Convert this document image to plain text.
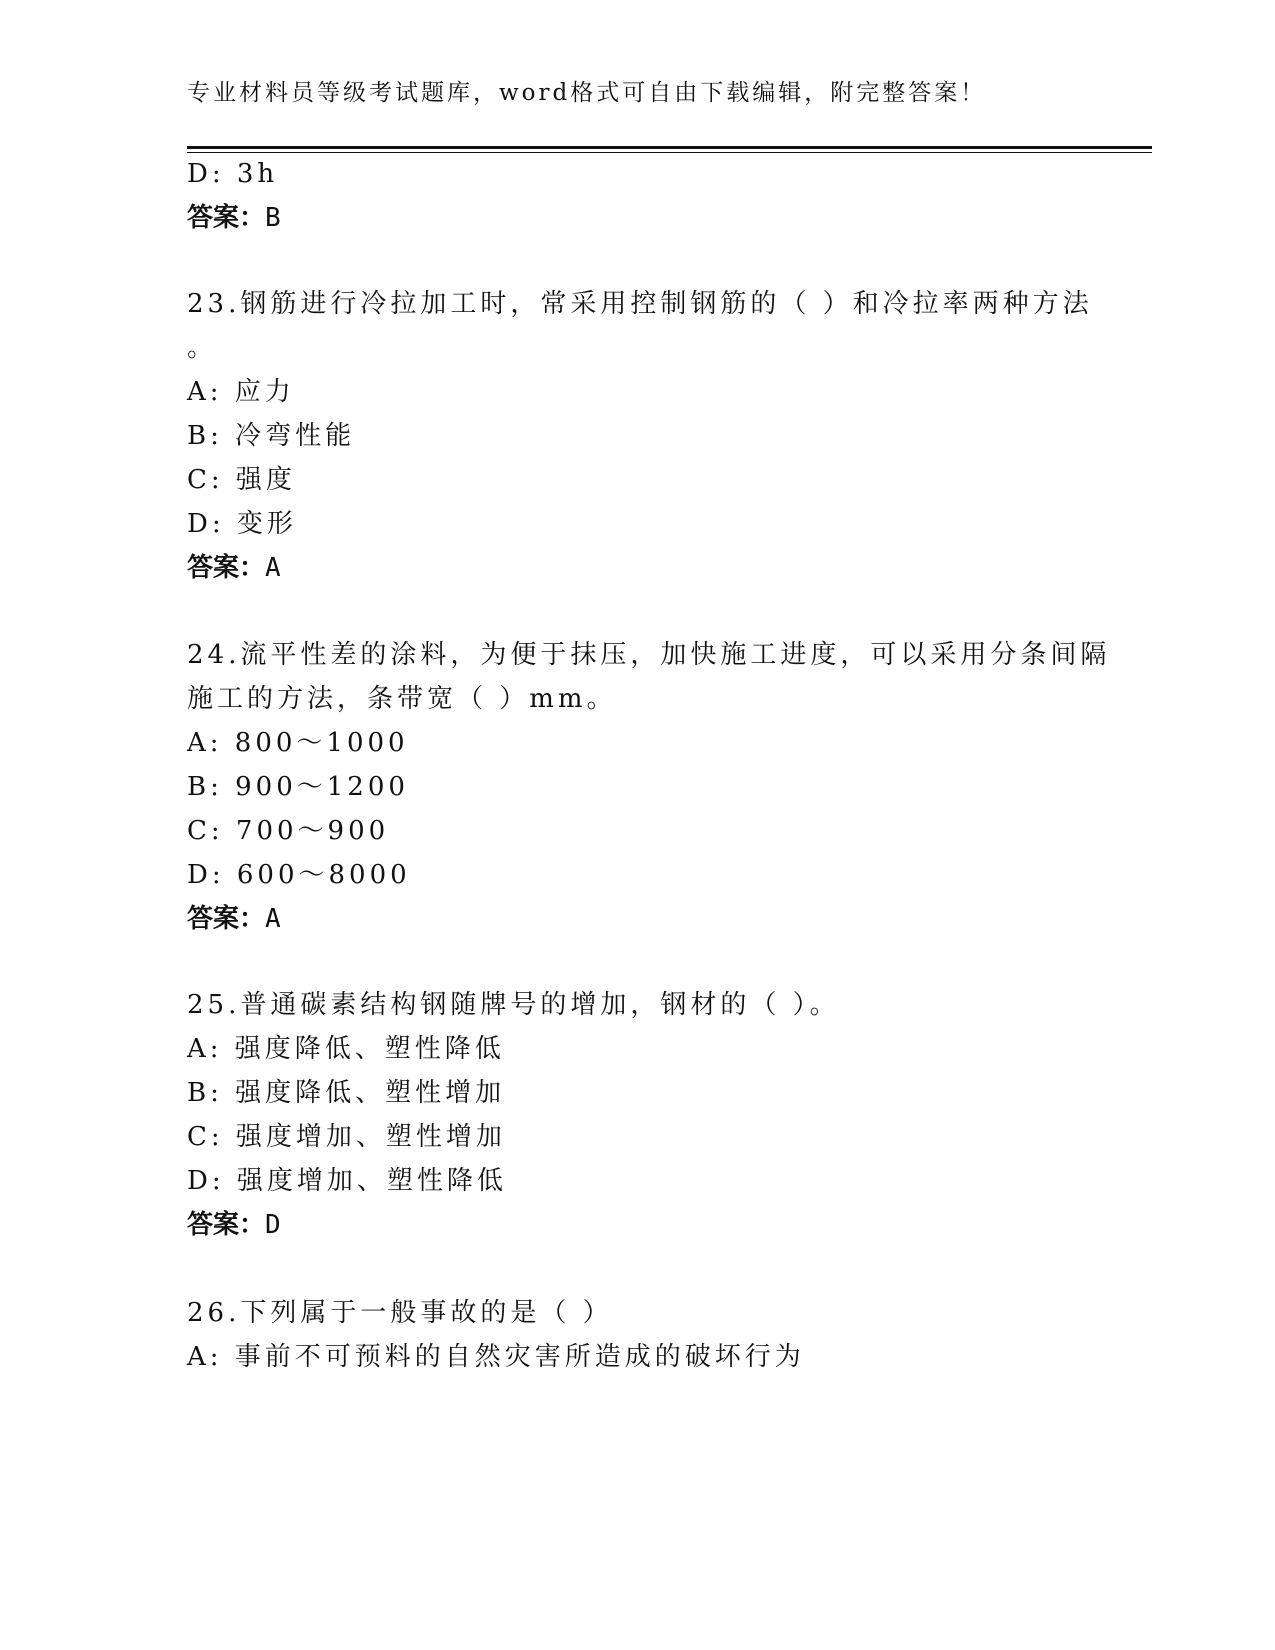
专业材料员等级考试题库，word格式可自由下载编辑，附完整答案！
D: 3h
答案：B
23.钢筋进行冷拉加工时，常采用控制钢筋的（ ）和冷拉率两种方法
。
A: 应力
B: 冷弯性能
C: 强度
D: 变形
答案：A
24.流平性差的涂料，为便于抹压，加快施工进度，可以采用分条间隔
施工的方法，条带宽（ ）mm。
A: 800～1000
B: 900～1200
C: 700～900
D: 600～8000
答案：A
25.普通碳素结构钢随牌号的增加，钢材的（ ）。
A: 强度降低、塑性降低
B: 强度降低、塑性增加
C: 强度增加、塑性增加
D: 强度增加、塑性降低
答案：D
26.下列属于一般事故的是（ ）
A: 事前不可预料的自然灾害所造成的破坏行为
